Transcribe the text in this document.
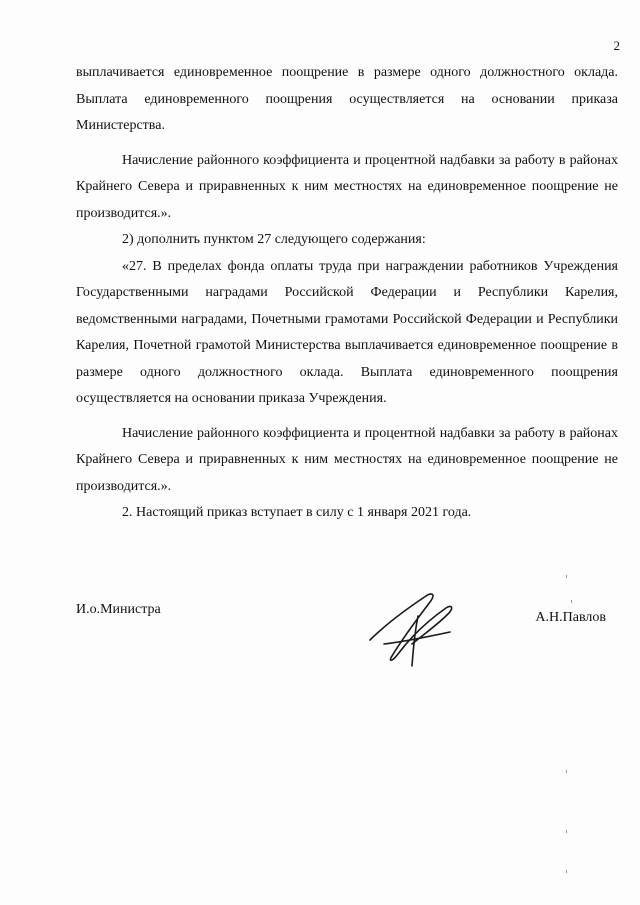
2

выплачивается единовременное поощрение в размере одного должностного оклада. Выплата единовременного поощрения осуществляется на основании приказа Министерства.

Начисление районного коэффициента и процентной надбавки за работу в районах Крайнего Севера и приравненных к ним местностях на единовременное поощрение не производится.».

2) дополнить пунктом 27 следующего содержания:

«27. В пределах фонда оплаты труда при награждении работников Учреждения Государственными наградами Российской Федерации и Республики Карелия, ведомственными наградами, Почетными грамотами Российской Федерации и Республики Карелия, Почетной грамотой Министерства выплачивается единовременное поощрение в размере одного должностного оклада. Выплата единовременного поощрения осуществляется на основании приказа Учреждения.

Начисление районного коэффициента и процентной надбавки за работу в районах Крайнего Севера и приравненных к ним местностях на единовременное поощрение не производится.».

2. Настоящий приказ вступает в силу с 1 января 2021 года.

И.о.Министра
А.Н.Павлов
